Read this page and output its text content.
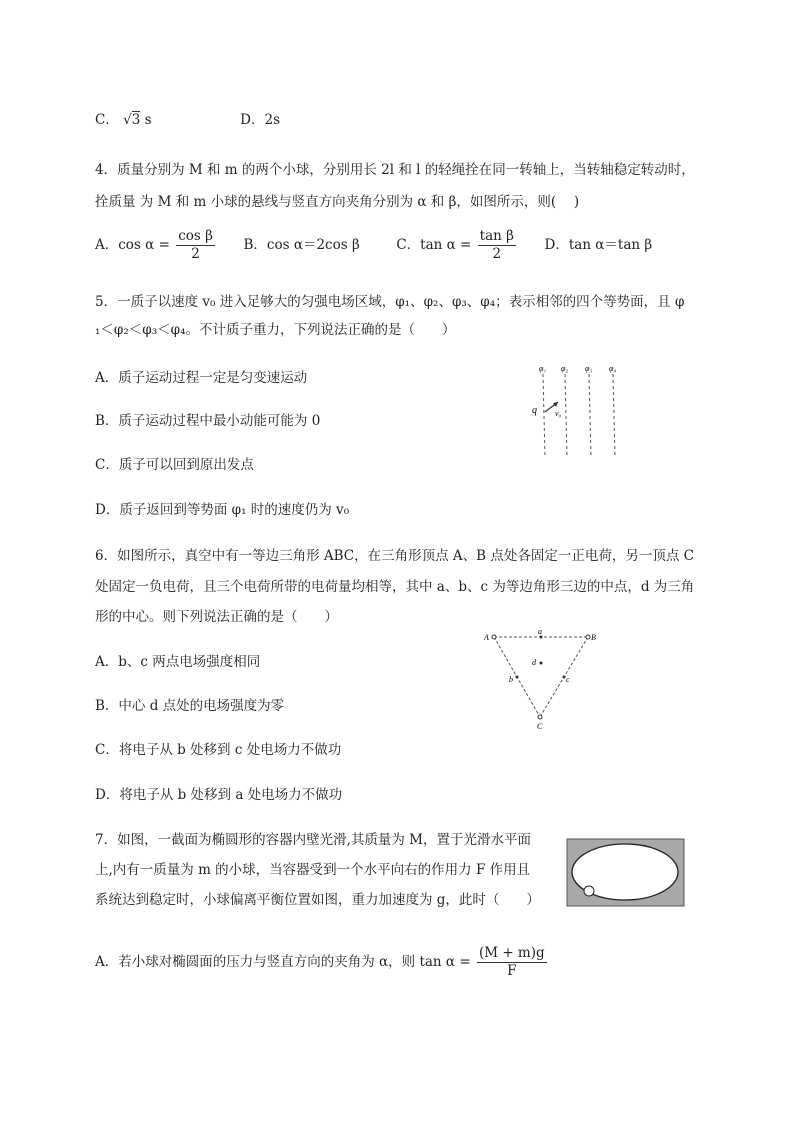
C． √3 s	D．2s
4．质量分别为 M 和 m 的两个小球，分别用长 2l 和 l 的轻绳拴在同一转轴上，当转轴稳定转动时，
拴质量 为 M 和 m 小球的悬线与竖直方向夹角分别为 α 和 β，如图所示，则(　 )
A．$\cos \alpha = \frac{\text{cos β}}{2}$ B．cos α＝2cos β	C．$\tan \alpha = \frac{\text{tan β}}{2}$ D．tan α＝tan β
5．一质子以速度 v₀ 进入足够大的匀强电场区域，φ₁、φ₂、φ₃、φ₄；表示相邻的四个等势面，且 φ
₁＜φ₂＜φ₃＜φ₄。不计质子重力，下列说法正确的是（　　）
A．质子运动过程一定是匀变速运动
B．质子运动过程中最小动能可能为 0
C．质子可以回到原出发点
D．质子返回到等势面 φ₁ 时的速度仍为 v₀
φ₁ φ₂ φ₃ φ₄
q v₀
6．如图所示，真空中有一等边三角形 ABC，在三角形顶点 A、B 点处各固定一正电荷，另一顶点 C
处固定一负电荷，且三个电荷所带的电荷量均相等，其中 a、b、c 为等边角形三边的中点，d 为三角
形的中心。则下列说法正确的是（　　）
A．b、c 两点电场强度相同
B．中心 d 点处的电场强度为零
C．将电子从 b 处移到 c 处电场力不做功
D．将电子从 b 处移到 a 处电场力不做功
A	B
C
a
b	c
d
7．如图，一截面为椭圆形的容器内壁光滑,其质量为 M，置于光滑水平面
上,内有一质量为 m 的小球，当容器受到一个水平向右的作用力 F 作用且
系统达到稳定时，小球偏离平衡位置如图，重力加速度为 g，此时（　　）
A．若小球对椭圆面的压力与竖直方向的夹角为 α，则 $\tan \alpha = \frac{(M + m)g}{F}$
